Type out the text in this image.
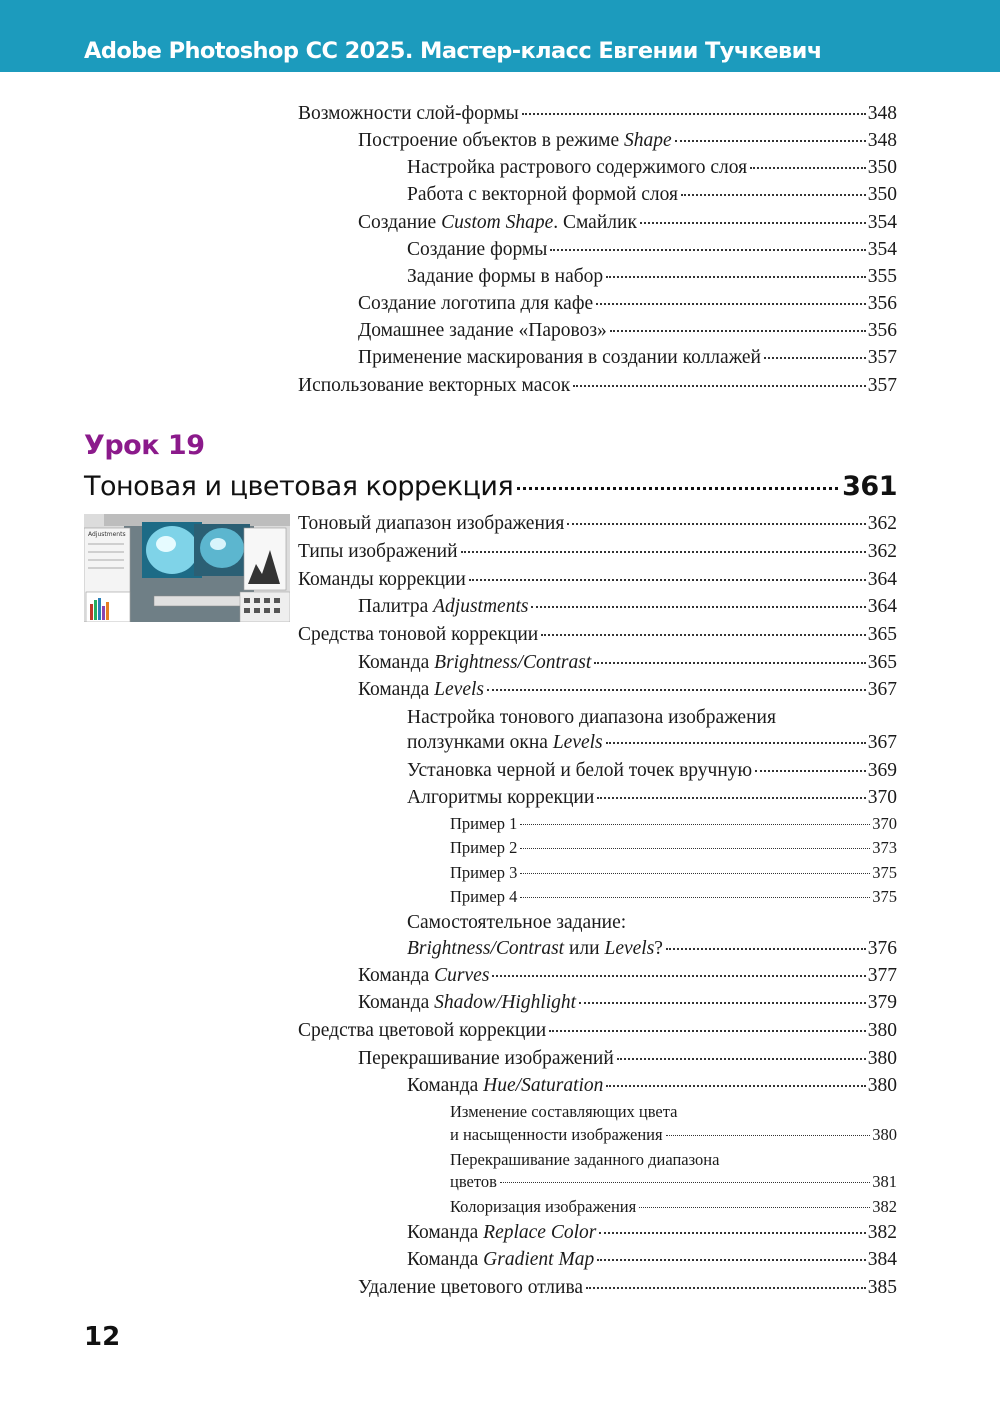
Adobe Photoshop CC 2025. Мастер-класс Евгении Тучкевич
Возможности слой-формы	348
Построение объектов в режиме Shape	348
Настройка растрового содержимого слоя	350
Работа с векторной формой слоя	350
Создание Custom Shape. Смайлик	354
Создание формы	354
Задание формы в набор	355
Создание логотипа для кафе	356
Домашнее задание «Паровоз»	356
Применение маскирования в создании коллажей	357
Использование векторных масок	357
Урок 19
Тоновая и цветовая коррекция	361
Adjustments
Тоновый диапазон изображения	362
Типы изображений	362
Команды коррекции	364
Палитра Adjustments	364
Средства тоновой коррекции	365
Команда Brightness/Contrast	365
Команда Levels	367
Настройка тонового диапазона изображения
ползунками окна Levels	367
Установка черной и белой точек вручную	369
Алгоритмы коррекции	370
Пример 1	370
Пример 2	373
Пример 3	375
Пример 4	375
Самостоятельное задание:
Brightness/Contrast или Levels?	376
Команда Curves	377
Команда Shadow/Highlight	379
Средства цветовой коррекции	380
Перекрашивание изображений	380
Команда Hue/Saturation	380
Изменение составляющих цвета
и насыщенности изображения	380
Перекрашивание заданного диапазона
цветов	381
Колоризация изображения	382
Команда Replace Color	382
Команда Gradient Map	384
Удаление цветового отлива	385
12
